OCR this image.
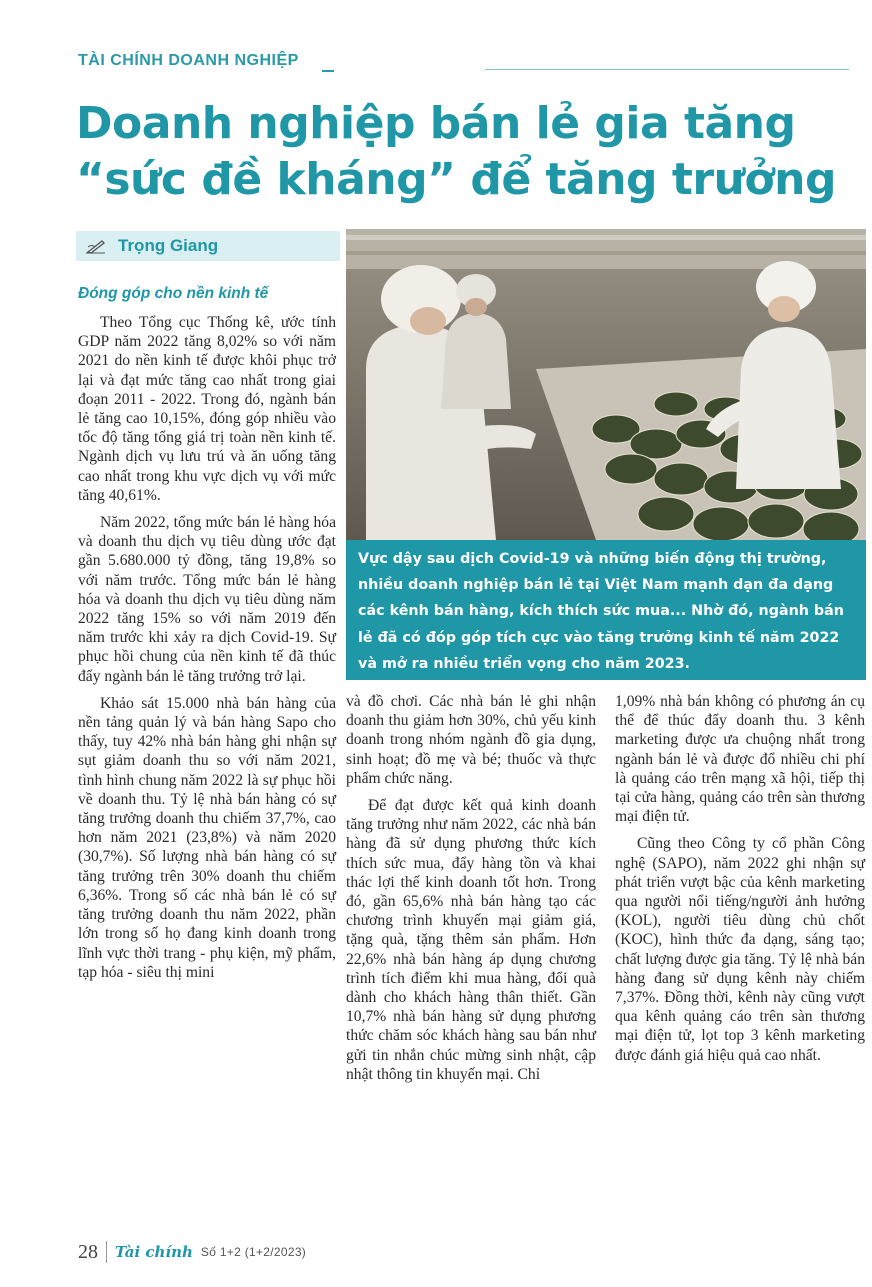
TÀI CHÍNH DOANH NGHIỆP
Doanh nghiệp bán lẻ gia tăng
“sức đề kháng” để tăng trưởng
Trọng Giang
Đóng góp cho nền kinh tế

Theo Tổng cục Thống kê, ước tính GDP năm 2022 tăng 8,02% so với năm 2021 do nền kinh tế được khôi phục trở lại và đạt mức tăng cao nhất trong giai đoạn 2011 - 2022. Trong đó, ngành bán lẻ tăng cao 10,15%, đóng góp nhiều vào tốc độ tăng tổng giá trị toàn nền kinh tế. Ngành dịch vụ lưu trú và ăn uống tăng cao nhất trong khu vực dịch vụ với mức tăng 40,61%.

Năm 2022, tổng mức bán lẻ hàng hóa và doanh thu dịch vụ tiêu dùng ước đạt gần 5.680.000 tỷ đồng, tăng 19,8% so với năm trước. Tổng mức bán lẻ hàng hóa và doanh thu dịch vụ tiêu dùng năm 2022 tăng 15% so với năm 2019 đến năm trước khi xảy ra dịch Covid-19. Sự phục hồi chung của nền kinh tế đã thúc đẩy ngành bán lẻ tăng trưởng trở lại.

Khảo sát 15.000 nhà bán hàng của nền tảng quản lý và bán hàng Sapo cho thấy, tuy 42% nhà bán hàng ghi nhận sự sụt giảm doanh thu so với năm 2021, tình hình chung năm 2022 là sự phục hồi về doanh thu. Tỷ lệ nhà bán hàng có sự tăng trưởng doanh thu chiếm 37,7%, cao hơn năm 2021 (23,8%) và năm 2020 (30,7%). Số lượng nhà bán hàng có sự tăng trưởng trên 30% doanh thu chiếm 6,36%. Trong số các nhà bán lẻ có sự tăng trưởng doanh thu năm 2022, phần lớn trong số họ đang kinh doanh trong lĩnh vực thời trang - phụ kiện, mỹ phẩm, tạp hóa - siêu thị mini

Vực dậy sau dịch Covid-19 và những biến động thị trường, nhiều doanh nghiệp bán lẻ tại Việt Nam mạnh dạn đa dạng các kênh bán hàng, kích thích sức mua... Nhờ đó, ngành bán lẻ đã có đóp góp tích cực vào tăng trưởng kinh tế năm 2022 và mở ra nhiều triển vọng cho năm 2023.

và đồ chơi. Các nhà bán lẻ ghi nhận doanh thu giảm hơn 30%, chủ yếu kinh doanh trong nhóm ngành đồ gia dụng, sinh hoạt; đồ mẹ và bé; thuốc và thực phẩm chức năng.

Để đạt được kết quả kinh doanh tăng trưởng như năm 2022, các nhà bán hàng đã sử dụng phương thức kích thích sức mua, đẩy hàng tồn và khai thác lợi thế kinh doanh tốt hơn. Trong đó, gần 65,6% nhà bán hàng tạo các chương trình khuyến mại giảm giá, tặng quà, tặng thêm sản phẩm. Hơn 22,6% nhà bán hàng áp dụng chương trình tích điểm khi mua hàng, đổi quà dành cho khách hàng thân thiết. Gần 10,7% nhà bán hàng sử dụng phương thức chăm sóc khách hàng sau bán như gửi tin nhắn chúc mừng sinh nhật, cập nhật thông tin khuyến mại. Chỉ

1,09% nhà bán không có phương án cụ thể để thúc đẩy doanh thu. 3 kênh marketing được ưa chuộng nhất trong ngành bán lẻ và được đổ nhiều chi phí là quảng cáo trên mạng xã hội, tiếp thị tại cửa hàng, quảng cáo trên sàn thương mại điện tử.

Cũng theo Công ty cổ phần Công nghệ (SAPO), năm 2022 ghi nhận sự phát triển vượt bậc của kênh marketing qua người nổi tiếng/người ảnh hưởng (KOL), người tiêu dùng chủ chốt (KOC), hình thức đa dạng, sáng tạo; chất lượng được gia tăng. Tỷ lệ nhà bán hàng đang sử dụng kênh này chiếm 7,37%. Đồng thời, kênh này cũng vượt qua kênh quảng cáo trên sàn thương mại điện tử, lọt top 3 kênh marketing được đánh giá hiệu quả cao nhất.

28 Tài chính Số 1+2 (1+2/2023)
